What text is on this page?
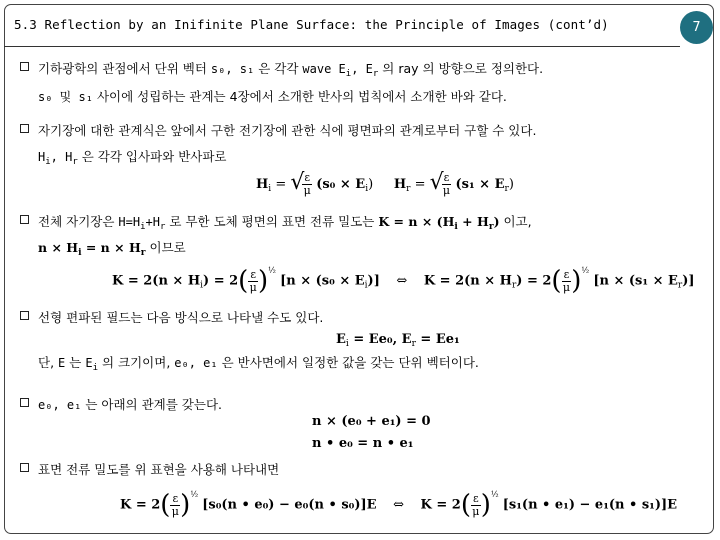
5.3 Reflection by an Inifinite Plane Surface: the Principle of Images (cont’d)	7
기하광학의 관점에서 단위 벡터 s₀, s₁ 은 각각 wave $E_i$, $E_r$ 의 ray 의 방향으로 정의한다.
s₀ 및 s₁ 사이에 성립하는 관계는 4장에서 소개한 반사의 법칙에서 소개한 바와 같다.
자기장에 대한 관계식은 앞에서 구한 전기장에 관한 식에 평면파의 관계로부터 구할 수 있다.
$H_i$, $H_r$ 은 각각 입사파와 반사파로
$H_i$ = √ $\frac{\varepsilon}{\mu} (s_0 \times E_i)$     $H_r$ = √ $\frac{\varepsilon}{\mu} (s_1 \times E_r)$
전체 자기장은 $H=H_i+H_r$ 로 무한 도체 평면의 표면 전류 밀도는 $K = n \times (H_i + H_r)$ 이고,
$n \times H_i = n \times H_r$ 이므로
$K = 2(n \times H_i) = 2( \frac{\varepsilon}{\mu} )^{\frac{1}{2}}$ $[n \times (s_0 \times E_i)]$ ⇔ $K = 2(n \times H_r) = 2( \frac{\varepsilon}{\mu} )^{\frac{1}{2}}$ $[n \times (s_1 \times E_r)]$
선형 편파된 필드는 다음 방식으로 나타낼 수도 있다.
$E_i = Ee_0$, $E_r = Ee_1$
단, E 는 $E_i$ 의 크기이며, e₀, e₁ 은 반사면에서 일정한 값을 갖는 단위 벡터이다.
e₀, e₁ 는 아래의 관계를 갖는다.
n × (e₀ + e₁) = 0
n • e₀ = n • e₁
표면 전류 밀도를 위 표현을 사용해 나타내면
$K = 2( \frac{\varepsilon}{\mu} )^{\frac{1}{2}}$ [s₀(n • e₀) − e₀(n • s₀)]E ⇔ $K = 2( \frac{\varepsilon}{\mu} )^{\frac{1}{2}}$ [s₁(n • e₁) − e₁(n • s₁)]E
